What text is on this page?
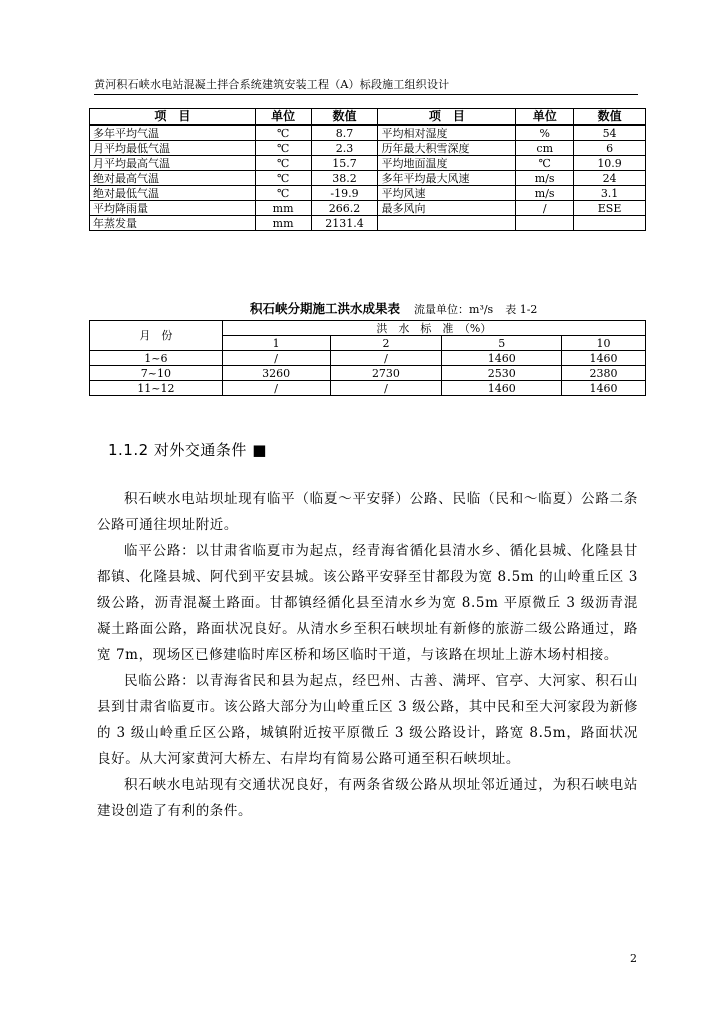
黄河积石峡水电站混凝土拌合系统建筑安装工程（A）标段施工组织设计
项　目	单位	数值	项　目	单位	数值
多年平均气温	℃	8.7	平均相对湿度	%	54
月平均最低气温	℃	2.3	历年最大积雪深度	cm	6
月平均最高气温	℃	15.7	平均地面温度	℃	10.9
绝对最高气温	℃	38.2	多年平均最大风速	m/s	24
绝对最低气温	℃	-19.9	平均风速	m/s	3.1
平均降雨量	mm	266.2	最多风向	/	ESE
年蒸发量	mm	2131.4			
积石峡分期施工洪水成果表 流量单位：m³/s 表 1-2
月　份	洪　水　标　准　（%）			
	1	2	5	10
1~6	/	/	1460	1460
7~10	3260	2730	2530	2380
11~12	/	/	1460	1460
1.1.2 对外交通条件 ■

积石峡水电站坝址现有临平（临夏～平安驿）公路、民临（民和～临夏）公路二条公路可通往坝址附近。

临平公路：以甘肃省临夏市为起点，经青海省循化县清水乡、循化县城、化隆县甘都镇、化隆县城、阿代到平安县城。该公路平安驿至甘都段为宽 8.5m 的山岭重丘区 3 级公路，沥青混凝土路面。甘都镇经循化县至清水乡为宽 8.5m 平原微丘 3 级沥青混凝土路面公路，路面状况良好。从清水乡至积石峡坝址有新修的旅游二级公路通过，路宽 7m，现场区已修建临时库区桥和场区临时干道，与该路在坝址上游木场村相接。

民临公路：以青海省民和县为起点，经巴州、古善、满坪、官亭、大河家、积石山县到甘肃省临夏市。该公路大部分为山岭重丘区 3 级公路，其中民和至大河家段为新修的 3 级山岭重丘区公路，城镇附近按平原微丘 3 级公路设计，路宽 8.5m，路面状况良好。从大河家黄河大桥左、右岸均有简易公路可通至积石峡坝址。

积石峡水电站现有交通状况良好，有两条省级公路从坝址邻近通过，为积石峡电站建设创造了有利的条件。

2
